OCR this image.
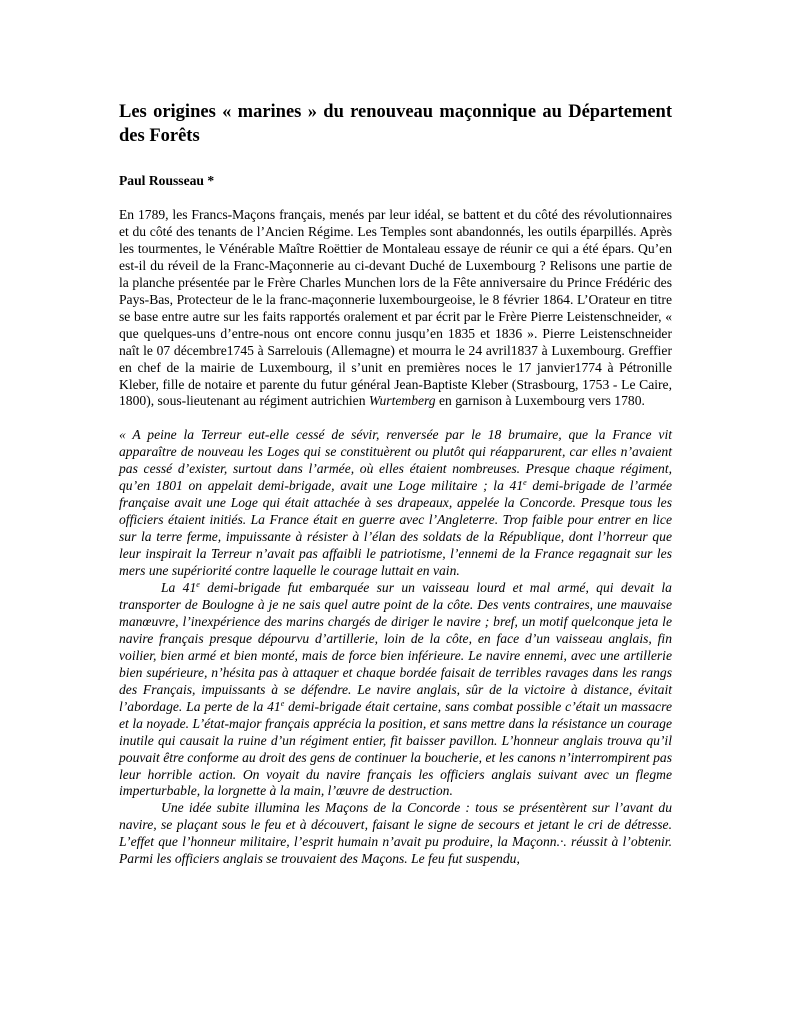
Les origines « marines » du renouveau maçonnique au Département des Forêts

Paul Rousseau *

En 1789, les Francs-Maçons français, menés par leur idéal, se battent et du côté des révolutionnaires et du côté des tenants de l’Ancien Régime. Les Temples sont abandonnés, les outils éparpillés. Après les tourmentes, le Vénérable Maître Roëttier de Montaleau essaye de réunir ce qui a été épars. Qu’en est-il du réveil de la Franc-Maçonnerie au ci-devant Duché de Luxembourg ? Relisons une partie de la planche présentée par le Frère Charles Munchen lors de la Fête anniversaire du Prince Frédéric des Pays-Bas, Protecteur de le la franc-maçonnerie luxembourgeoise, le 8 février 1864. L’Orateur en titre se base entre autre sur les faits rapportés oralement et par écrit par le Frère Pierre Leistenschneider, « que quelques-uns d’entre-nous ont encore connu jusqu’en 1835 et 1836 ». Pierre Leistenschneider naît le 07 décembre1745 à Sarrelouis (Allemagne) et mourra le 24 avril1837 à Luxembourg. Greffier en chef de la mairie de Luxembourg, il s’unit en premières noces le 17 janvier1774 à Pétronille Kleber, fille de notaire et parente du futur général Jean-Baptiste Kleber (Strasbourg, 1753 - Le Caire, 1800), sous-lieutenant au régiment autrichien Wurtemberg en garnison à Luxembourg vers 1780.

« A peine la Terreur eut-elle cessé de sévir, renversée par le 18 brumaire, que la France vit apparaître de nouveau les Loges qui se constituèrent ou plutôt qui réapparurent, car elles n’avaient pas cessé d’exister, surtout dans l’armée, où elles étaient nombreuses. Presque chaque régiment, qu’en 1801 on appelait demi-brigade, avait une Loge militaire ; la 41e demi-brigade de l’armée française avait une Loge qui était attachée à ses drapeaux, appelée la Concorde. Presque tous les officiers étaient initiés. La France était en guerre avec l’Angleterre. Trop faible pour entrer en lice sur la terre ferme, impuissante à résister à l’élan des soldats de la République, dont l’horreur que leur inspirait la Terreur n’avait pas affaibli le patriotisme, l’ennemi de la France regagnait sur les mers une supériorité contre laquelle le courage luttait en vain.

La 41e demi-brigade fut embarquée sur un vaisseau lourd et mal armé, qui devait la transporter de Boulogne à je ne sais quel autre point de la côte. Des vents contraires, une mauvaise manœuvre, l’inexpérience des marins chargés de diriger le navire ; bref, un motif quelconque jeta le navire français presque dépourvu d’artillerie, loin de la côte, en face d’un vaisseau anglais, fin voilier, bien armé et bien monté, mais de force bien inférieure. Le navire ennemi, avec une artillerie bien supérieure, n’hésita pas à attaquer et chaque bordée faisait de terribles ravages dans les rangs des Français, impuissants à se défendre. Le navire anglais, sûr de la victoire à distance, évitait l’abordage. La perte de la 41e demi-brigade était certaine, sans combat possible c’était un massacre et la noyade. L’état-major français apprécia la position, et sans mettre dans la résistance un courage inutile qui causait la ruine d’un régiment entier, fit baisser pavillon. L’honneur anglais trouva qu’il pouvait être conforme au droit des gens de continuer la boucherie, et les canons n’interrompirent pas leur horrible action. On voyait du navire français les officiers anglais suivant avec un flegme imperturbable, la lorgnette à la main, l’œuvre de destruction.

Une idée subite illumina les Maçons de la Concorde : tous se présentèrent sur l’avant du navire, se plaçant sous le feu et à découvert, faisant le signe de secours et jetant le cri de détresse. L’effet que l’honneur militaire, l’esprit humain n’avait pu produire, la Maçonn.·. réussit à l’obtenir. Parmi les officiers anglais se trouvaient des Maçons. Le feu fut suspendu,
